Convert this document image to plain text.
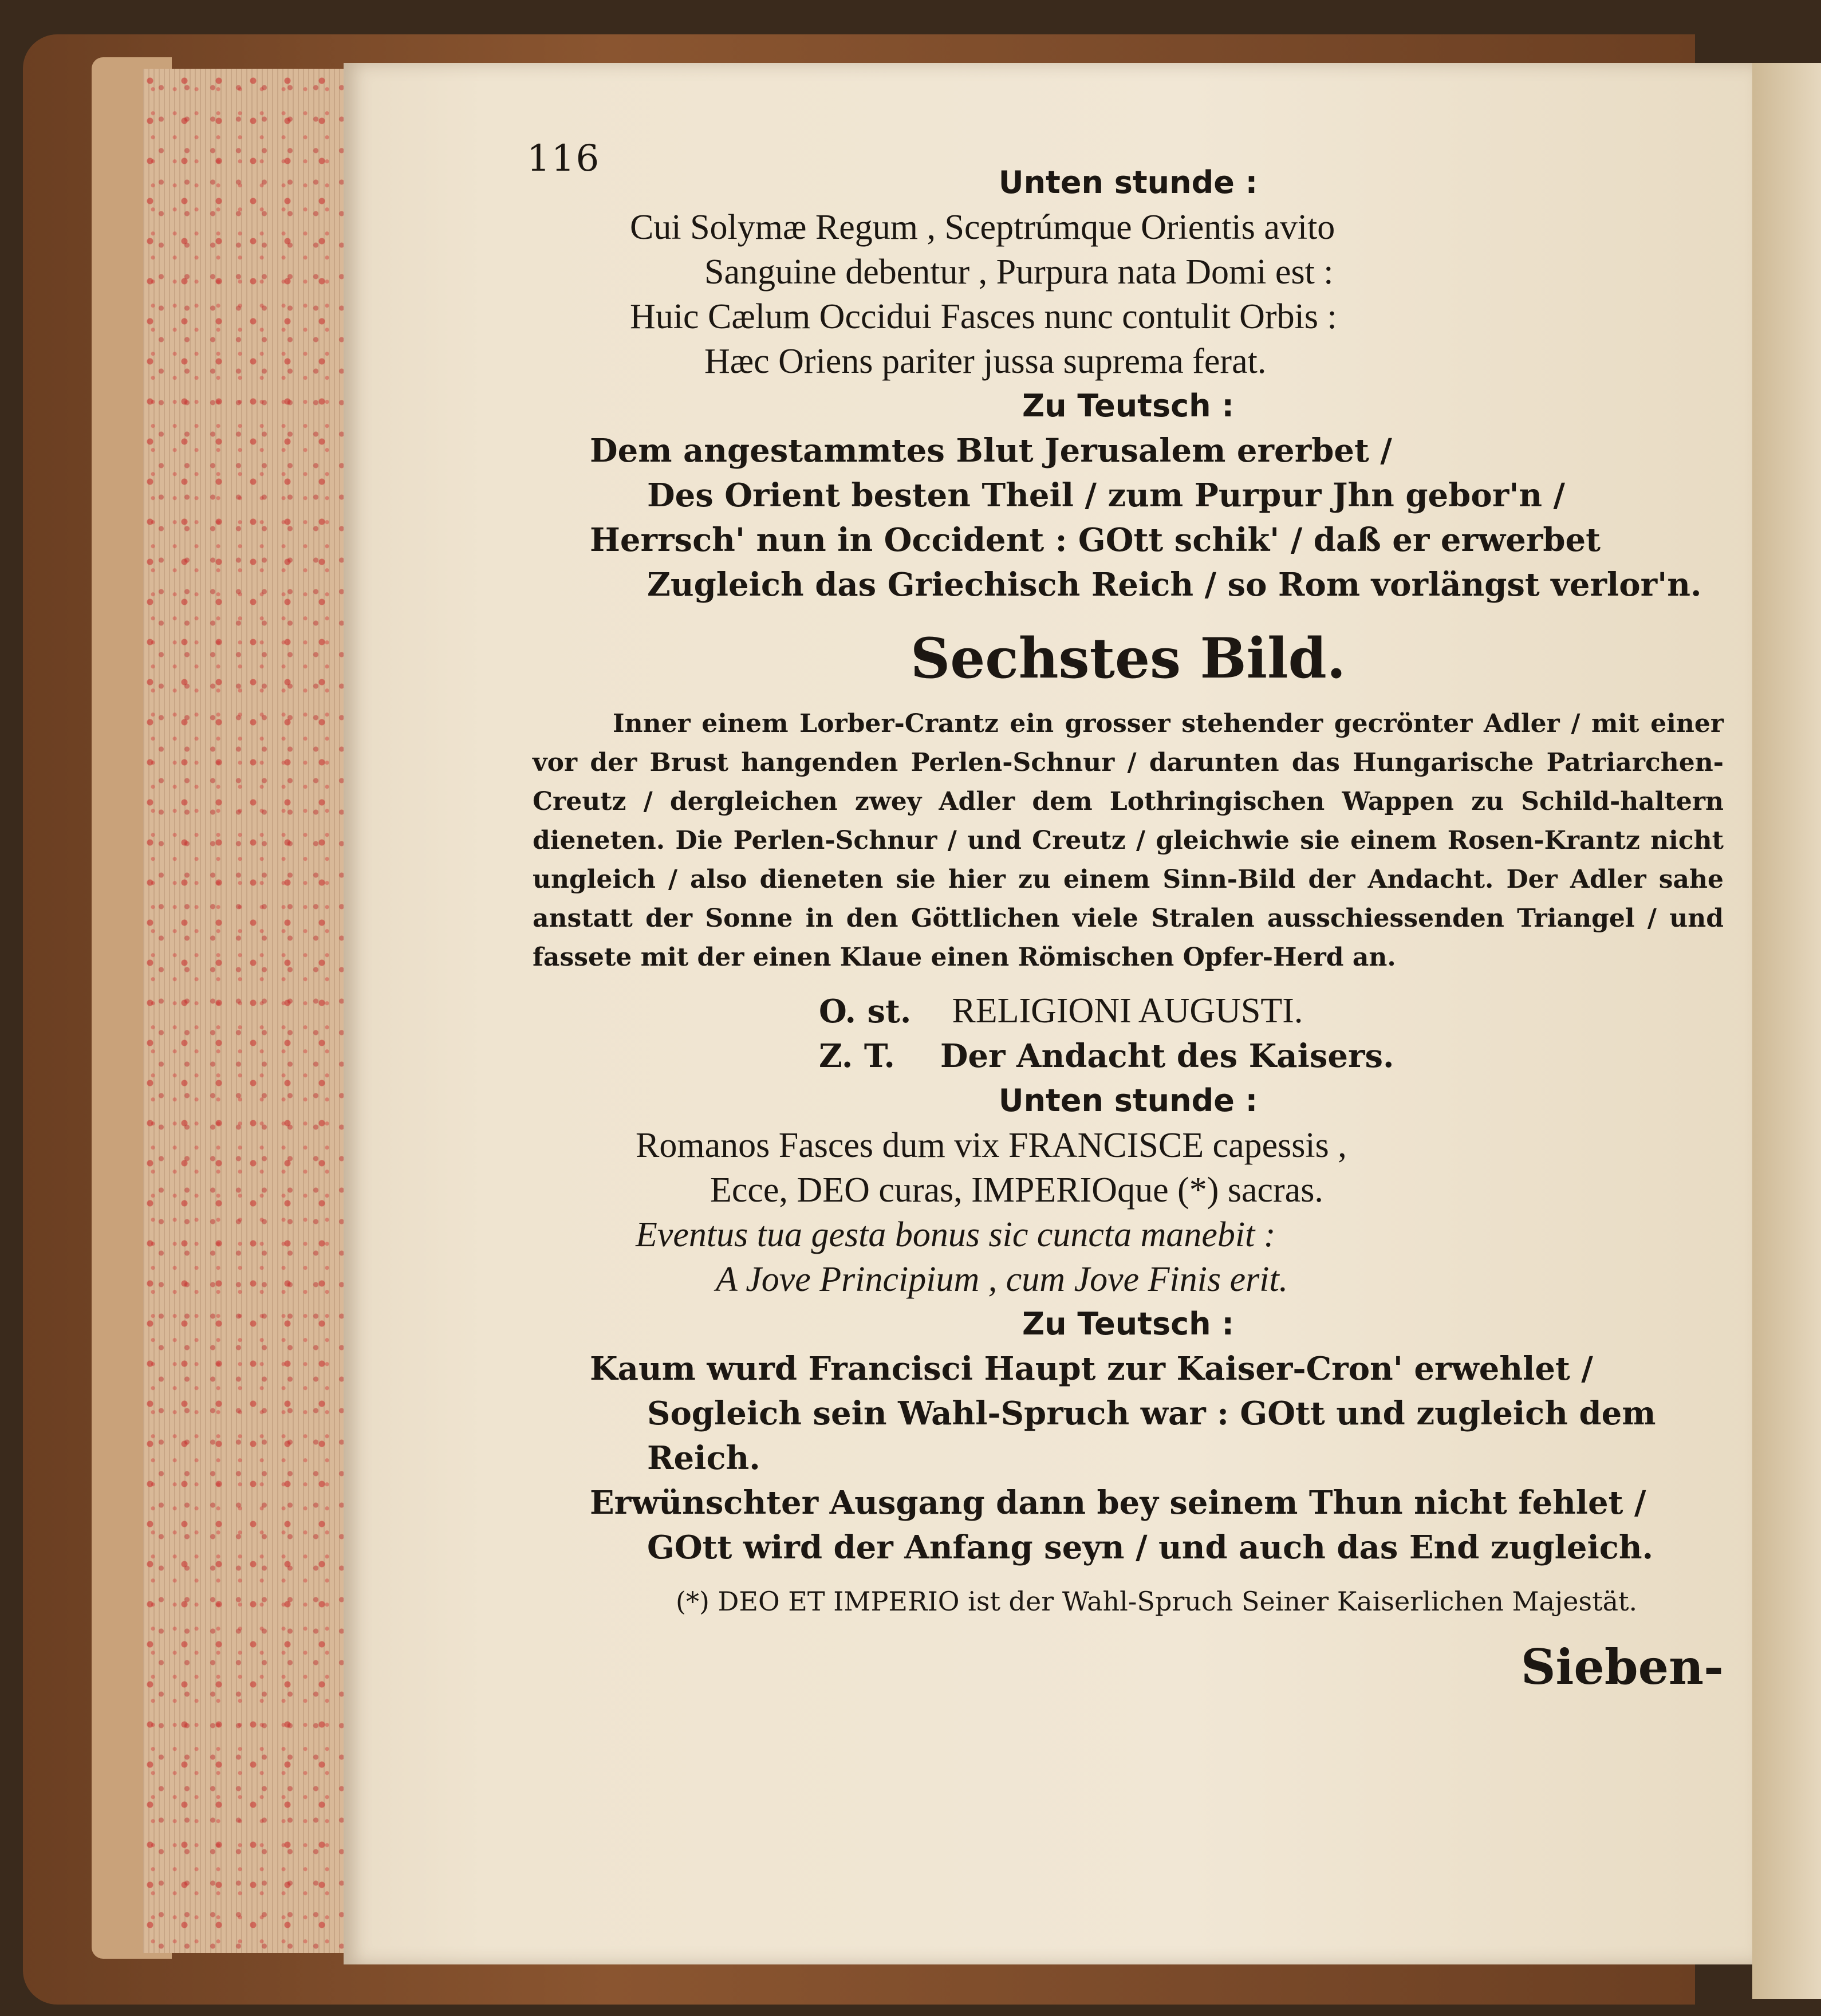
116
Unten stunde :
Cui Solymæ Regum , Sceptrúmque Orientis avito
Sanguine debentur , Purpura nata Domi est :
Huic Cælum Occidui Fasces nunc contulit Orbis :
Hæc Oriens pariter jussa suprema ferat.
Zu Teutsch :
Dem angestammtes Blut Jerusalem ererbet /
Des Orient besten Theil / zum Purpur Jhn gebor'n /
Herrsch' nun in Occident : GOtt schik' / daß er erwerbet
Zugleich das Griechisch Reich / so Rom vorlängst verlor'n.
Sechstes Bild.
Inner einem Lorber-Crantz ein grosser stehender gecrönter Adler / mit einer vor der Brust hangenden Perlen-Schnur / darunten das Hungarische Patriarchen-Creutz / dergleichen zwey Adler dem Lothringischen Wappen zu Schild-haltern dieneten. Die Perlen-Schnur / und Creutz / gleichwie sie einem Rosen-Krantz nicht ungleich / also dieneten sie hier zu einem Sinn-Bild der Andacht. Der Adler sahe anstatt der Sonne in den Göttlichen viele Stralen ausschiessenden Triangel / und fassete mit der einen Klaue einen Römischen Opfer-Herd an.
O. st. RELIGIONI AUGUSTI.
Z. T. Der Andacht des Kaisers.
Unten stunde :
Romanos Fasces dum vix FRANCISCE capessis ,
Ecce, DEO curas, IMPERIOque (*) sacras.
Eventus tua gesta bonus sic cuncta manebit :
A Jove Principium , cum Jove Finis erit.
Zu Teutsch :
Kaum wurd Francisci Haupt zur Kaiser-Cron' erwehlet /
Sogleich sein Wahl-Spruch war : GOtt und zugleich dem
Reich.
Erwünschter Ausgang dann bey seinem Thun nicht fehlet /
GOtt wird der Anfang seyn / und auch das End zugleich.
(*) DEO ET IMPERIO ist der Wahl-Spruch Seiner Kaiserlichen Majestät.
Sieben-
